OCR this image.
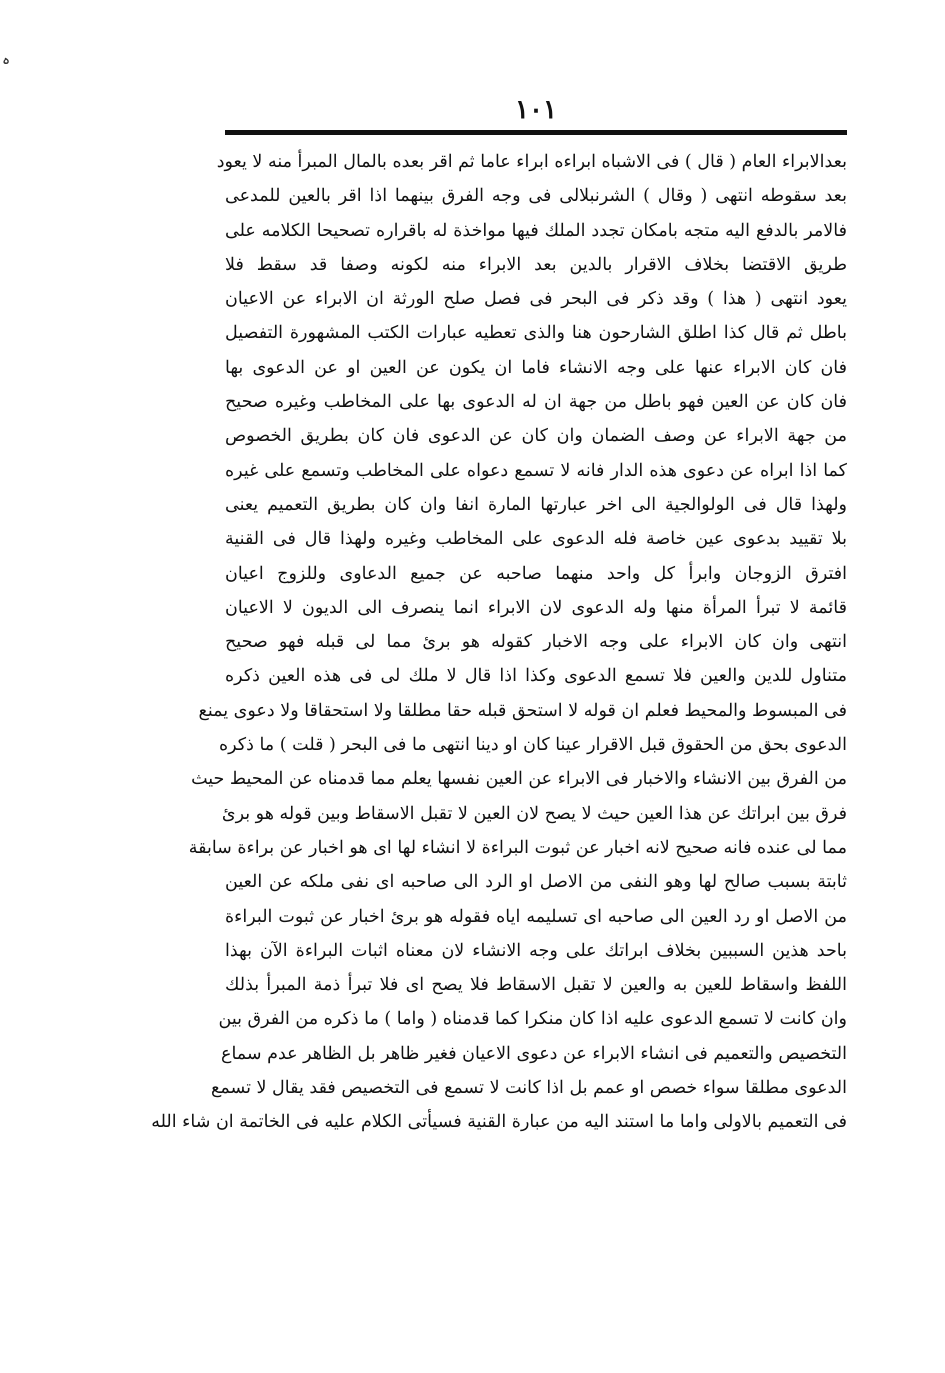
ہ
١٠١
بعدالابراء العام ( قال ) فى الاشباه ابراءه ابراء عاما ثم اقر بعده بالمال المبرأ منه لا يعود
بعد سقوطه انتهى ( وقال ) الشرنبلالى فى وجه الفرق بينهما اذا اقر بالعين للمدعى
فالامر بالدفع اليه متجه بامكان تجدد الملك فيها مواخذة له باقراره تصحيحا الكلامه على
طريق الاقتضا بخلاف الاقرار بالدين بعد الابراء منه لكونه وصفا قد سقط فلا
يعود انتهى ( هذا ) وقد ذكر فى البحر فى فصل صلح الورثة ان الابراء عن الاعيان
باطل ثم قال كذا اطلق الشارحون هنا والذى تعطيه عبارات الكتب المشهورة التفصيل
فان كان الابراء عنها على وجه الانشاء فاما ان يكون عن العين او عن الدعوى بها
فان كان عن العين فهو باطل من جهة ان له الدعوى بها على المخاطب وغيره صحيح
من جهة الابراء عن وصف الضمان وان كان عن الدعوى فان كان بطريق الخصوص
كما اذا ابراه عن دعوى هذه الدار فانه لا تسمع دعواه على المخاطب وتسمع على غيره
ولهذا قال فى الولوالجية الى اخر عبارتها المارة انفا وان كان بطريق التعميم يعنى
بلا تقييد بدعوى عين خاصة فله الدعوى على المخاطب وغيره ولهذا قال فى القنية
افترق الزوجان وابرأ كل واحد منهما صاحبه عن جميع الدعاوى وللزوج اعيان
قائمة لا تبرأ المرأة منها وله الدعوى لان الابراء انما ينصرف الى الديون لا الاعيان
انتهى وان كان الابراء على وجه الاخبار كقوله هو برئ مما لى قبله فهو صحيح
متناول للدين والعين فلا تسمع الدعوى وكذا اذا قال لا ملك لى فى هذه العين ذكره
فى المبسوط والمحيط فعلم ان قوله لا استحق قبله حقا مطلقا ولا استحقاقا ولا دعوى يمنع
الدعوى بحق من الحقوق قبل الاقرار عينا كان او دينا انتهى ما فى البحر ( قلت ) ما ذكره
من الفرق بين الانشاء والاخبار فى الابراء عن العين نفسها يعلم مما قدمناه عن المحيط حيث
فرق بين ابراتك عن هذا العين حيث لا يصح لان العين لا تقبل الاسقاط وبين قوله هو برئ
مما لى عنده فانه صحيح لانه اخبار عن ثبوت البراءة لا انشاء لها اى هو اخبار عن براءة سابقة
ثابتة بسبب صالح لها وهو النفى من الاصل او الرد الى صاحبه اى نفى ملكه عن العين
من الاصل او رد العين الى صاحبه اى تسليمه اياه فقوله هو برئ اخبار عن ثبوت البراءة
باحد هذين السببين بخلاف ابراتك على وجه الانشاء لان معناه اثبات البراءة الآن بهذا
اللفظ واسقاط للعين به والعين لا تقبل الاسقاط فلا يصح اى فلا تبرأ ذمة المبرأ بذلك
وان كانت لا تسمع الدعوى عليه اذا كان منكرا كما قدمناه ( واما ) ما ذكره من الفرق بين
التخصيص والتعميم فى انشاء الابراء عن دعوى الاعيان فغير ظاهر بل الظاهر عدم سماع
الدعوى مطلقا سواء خصص او عمم بل اذا كانت لا تسمع فى التخصيص فقد يقال لا تسمع
فى التعميم بالاولى واما ما استند اليه من عبارة القنية فسيأتى الكلام عليه فى الخاتمة ان شاء الله
